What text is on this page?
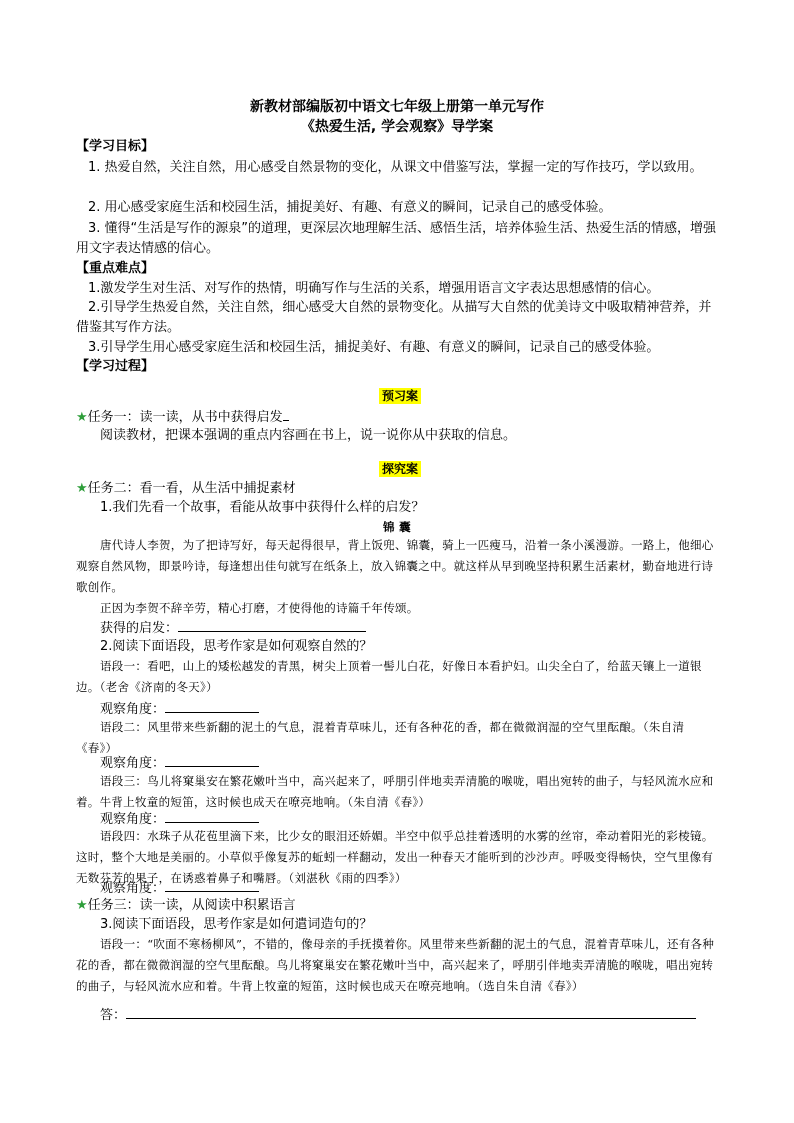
新教材部编版初中语文七年级上册第一单元写作
《热爱生活, 学会观察》导学案
【学习目标】
1. 热爱自然，关注自然，用心感受自然景物的变化，从课文中借鉴写法，掌握一定的写作技巧，学以致用。
2. 用心感受家庭生活和校园生活，捕捉美好、有趣、有意义的瞬间，记录自己的感受体验。
3. 懂得“生活是写作的源泉”的道理，更深层次地理解生活、感悟生活，培养体验生活、热爱生活的情感，增强用文字表达情感的信心。
【重点难点】
1.激发学生对生活、对写作的热情，明确写作与生活的关系，增强用语言文字表达思想感情的信心。
2.引导学生热爱自然，关注自然，细心感受大自然的景物变化。从描写大自然的优美诗文中吸取精神营养，并借鉴其写作方法。
3.引导学生用心感受家庭生活和校园生活，捕捉美好、有趣、有意义的瞬间，记录自己的感受体验。
【学习过程】
预习案
★任务一：读一读，从书中获得启发
阅读教材，把课本强调的重点内容画在书上，说一说你从中获取的信息。
探究案
★任务二：看一看，从生活中捕捉素材
1.我们先看一个故事，看能从故事中获得什么样的启发？
锦 囊
唐代诗人李贺，为了把诗写好，每天起得很早，背上饭兜、锦囊，骑上一匹瘦马，沿着一条小溪漫游。一路上，他细心观察自然风物，即景吟诗，每逢想出佳句就写在纸条上，放入锦囊之中。就这样从早到晚坚持积累生活素材，勤奋地进行诗歌创作。
正因为李贺不辞辛劳，精心打磨，才使得他的诗篇千年传颂。
获得的启发：
2.阅读下面语段，思考作家是如何观察自然的？
语段一：看吧，山上的矮松越发的青黑，树尖上顶着一髻儿白花，好像日本看护妇。山尖全白了，给蓝天镶上一道银边。（老舍《济南的冬天》）
观察角度：
语段二：风里带来些新翻的泥土的气息，混着青草味儿，还有各种花的香，都在微微润湿的空气里酝酿。（朱自清《春》）
观察角度：
语段三：鸟儿将窠巢安在繁花嫩叶当中，高兴起来了，呼朋引伴地卖弄清脆的喉咙，唱出宛转的曲子，与轻风流水应和着。牛背上牧童的短笛，这时候也成天在嘹亮地响。（朱自清《春》）
观察角度：
语段四：水珠子从花苞里滴下来，比少女的眼泪还娇媚。半空中似乎总挂着透明的水雾的丝帘，牵动着阳光的彩棱镜。这时，整个大地是美丽的。小草似乎像复苏的蚯蚓一样翻动，发出一种春天才能听到的沙沙声。呼吸变得畅快，空气里像有无数芬芳的果子，在诱惑着鼻子和嘴唇。（刘湛秋《雨的四季》）
观察角度：
★任务三：读一读，从阅读中积累语言
3.阅读下面语段，思考作家是如何遣词造句的？
语段一：“吹面不寒杨柳风”，不错的，像母亲的手抚摸着你。风里带来些新翻的泥土的气息，混着青草味儿，还有各种花的香，都在微微润湿的空气里酝酿。鸟儿将窠巢安在繁花嫩叶当中，高兴起来了，呼朋引伴地卖弄清脆的喉咙，唱出宛转的曲子，与轻风流水应和着。牛背上牧童的短笛，这时候也成天在嘹亮地响。（选自朱自清《春》）
答：
